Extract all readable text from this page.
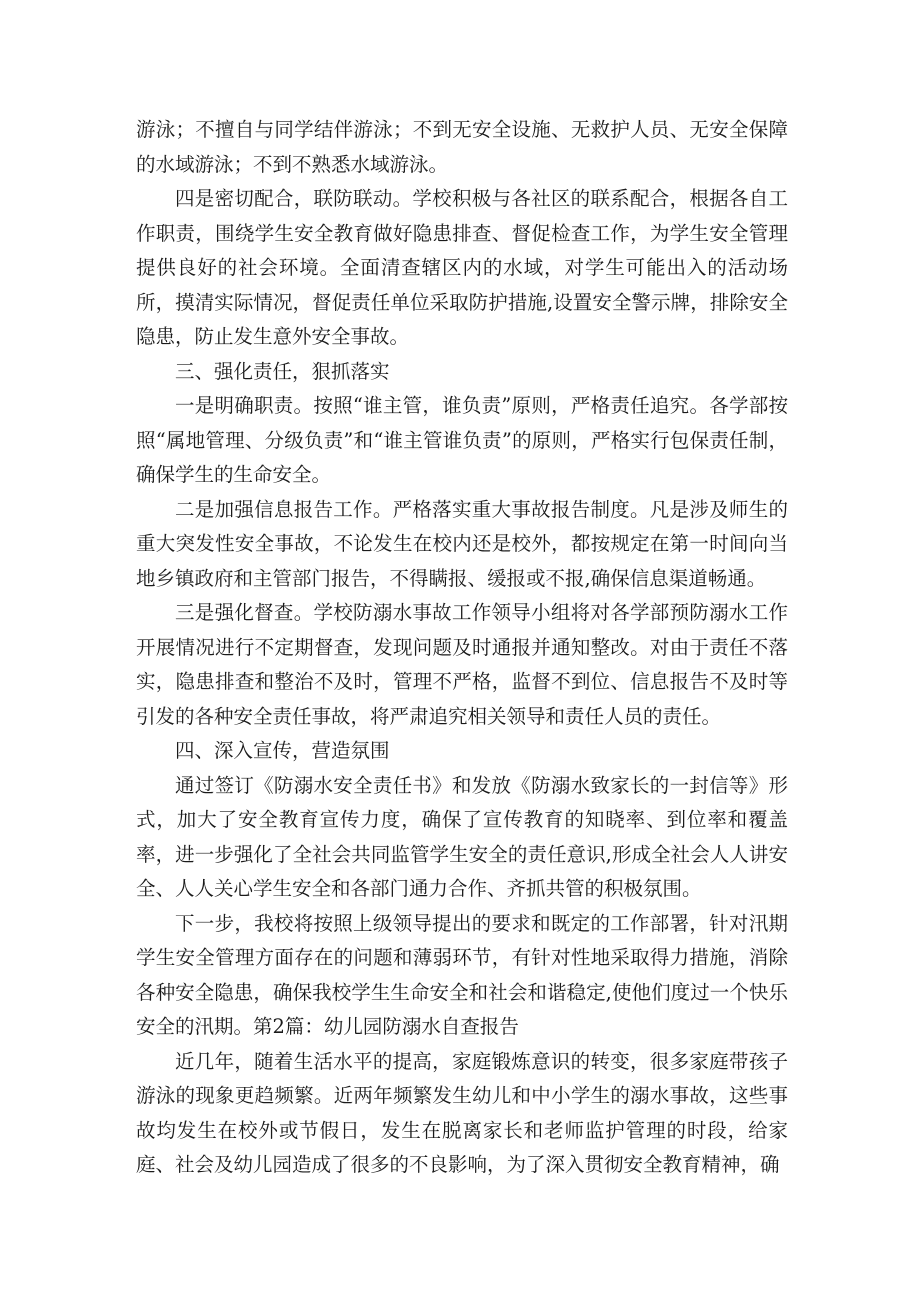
游泳；不擅自与同学结伴游泳；不到无安全设施、无救护人员、无安全保障的水域游泳；不到不熟悉水域游泳。

四是密切配合，联防联动。学校积极与各社区的联系配合，根据各自工作职责，围绕学生安全教育做好隐患排查、督促检查工作，为学生安全管理提供良好的社会环境。全面清查辖区内的水域，对学生可能出入的活动场所，摸清实际情况，督促责任单位采取防护措施,设置安全警示牌，排除安全隐患，防止发生意外安全事故。

三、强化责任，狠抓落实

一是明确职责。按照“谁主管，谁负责”原则，严格责任追究。各学部按照“属地管理、分级负责”和“谁主管谁负责”的原则，严格实行包保责任制，确保学生的生命安全。

二是加强信息报告工作。严格落实重大事故报告制度。凡是涉及师生的重大突发性安全事故，不论发生在校内还是校外，都按规定在第一时间向当地乡镇政府和主管部门报告，不得瞒报、缓报或不报,确保信息渠道畅通。

三是强化督查。学校防溺水事故工作领导小组将对各学部预防溺水工作开展情况进行不定期督查，发现问题及时通报并通知整改。对由于责任不落实，隐患排查和整治不及时，管理不严格，监督不到位、信息报告不及时等引发的各种安全责任事故，将严肃追究相关领导和责任人员的责任。

四、深入宣传，营造氛围

通过签订《防溺水安全责任书》和发放《防溺水致家长的一封信等》形式，加大了安全教育宣传力度，确保了宣传教育的知晓率、到位率和覆盖率，进一步强化了全社会共同监管学生安全的责任意识,形成全社会人人讲安全、人人关心学生安全和各部门通力合作、齐抓共管的积极氛围。

下一步，我校将按照上级领导提出的要求和既定的工作部署，针对汛期学生安全管理方面存在的问题和薄弱环节，有针对性地采取得力措施，消除各种安全隐患，确保我校学生生命安全和社会和谐稳定,使他们度过一个快乐安全的汛期。第2篇：幼儿园防溺水自查报告

近几年，随着生活水平的提高，家庭锻炼意识的转变，很多家庭带孩子游泳的现象更趋频繁。近两年频繁发生幼儿和中小学生的溺水事故，这些事故均发生在校外或节假日，发生在脱离家长和老师监护管理的时段，给家庭、社会及幼儿园造成了很多的不良影响，为了深入贯彻安全教育精神，确
